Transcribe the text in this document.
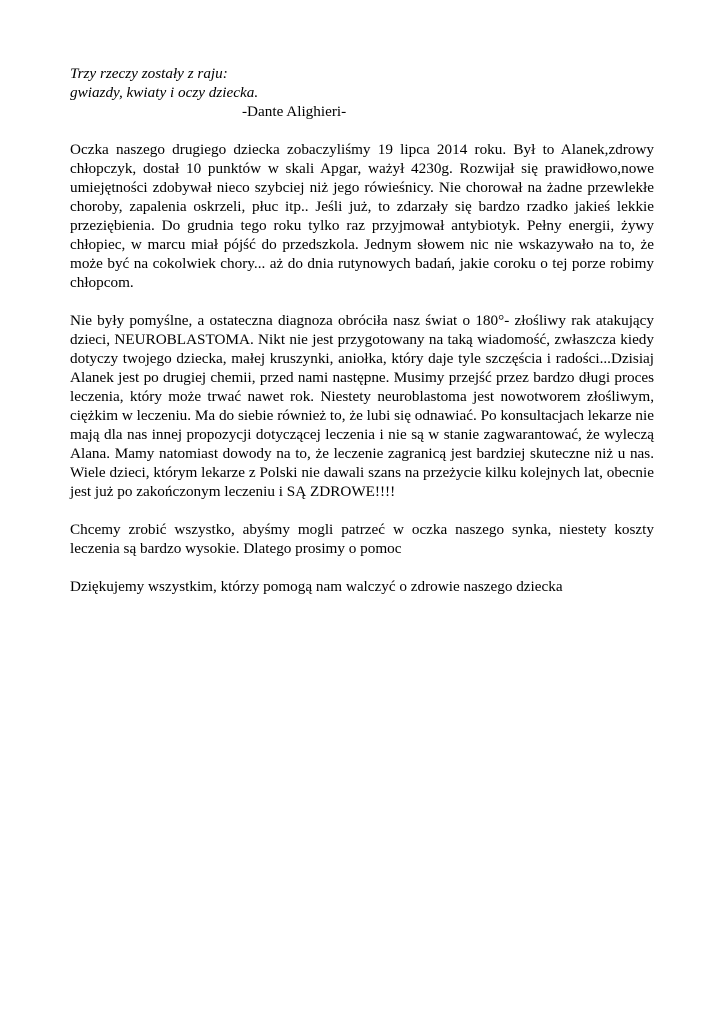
Trzy rzeczy zostały z raju:

gwiazdy, kwiaty i oczy dziecka.

-Dante Alighieri-

Oczka naszego drugiego dziecka zobaczyliśmy 19 lipca 2014 roku. Był to Alanek,zdrowy chłopczyk, dostał 10 punktów w skali Apgar, ważył 4230g. Rozwijał się prawidłowo,nowe umiejętności zdobywał nieco szybciej niż jego rówieśnicy. Nie chorował na żadne przewlekłe choroby, zapalenia oskrzeli, płuc itp.. Jeśli już, to zdarzały się bardzo rzadko jakieś lekkie przeziębienia. Do grudnia tego roku tylko raz przyjmował antybiotyk. Pełny energii, żywy chłopiec, w marcu miał pójść do przedszkola. Jednym słowem nic nie wskazywało na to, że może być na cokolwiek chory... aż do dnia rutynowych badań, jakie coroku o tej porze robimy chłopcom.

Nie były pomyślne, a ostateczna diagnoza obróciła nasz świat o 180°- złośliwy rak atakujący dzieci, NEUROBLASTOMA. Nikt nie jest przygotowany na taką wiadomość, zwłaszcza kiedy dotyczy twojego dziecka, małej kruszynki, aniołka, który daje tyle szczęścia i radości...Dzisiaj Alanek jest po drugiej chemii, przed nami następne. Musimy przejść przez bardzo długi proces leczenia, który może trwać nawet rok. Niestety neuroblastoma jest nowotworem złośliwym, ciężkim w leczeniu. Ma do siebie również to, że lubi się odnawiać. Po konsultacjach lekarze nie mają dla nas innej propozycji dotyczącej leczenia i nie są w stanie zagwarantować, że wyleczą Alana. Mamy natomiast dowody na to, że leczenie zagranicą jest bardziej skuteczne niż u nas. Wiele dzieci, którym lekarze z Polski nie dawali szans na przeżycie kilku kolejnych lat, obecnie jest już po zakończonym leczeniu i SĄ ZDROWE!!!!

Chcemy zrobić wszystko, abyśmy mogli patrzeć w oczka naszego synka, niestety koszty leczenia są bardzo wysokie. Dlatego prosimy o pomoc

Dziękujemy wszystkim, którzy pomogą nam walczyć o zdrowie naszego dziecka
